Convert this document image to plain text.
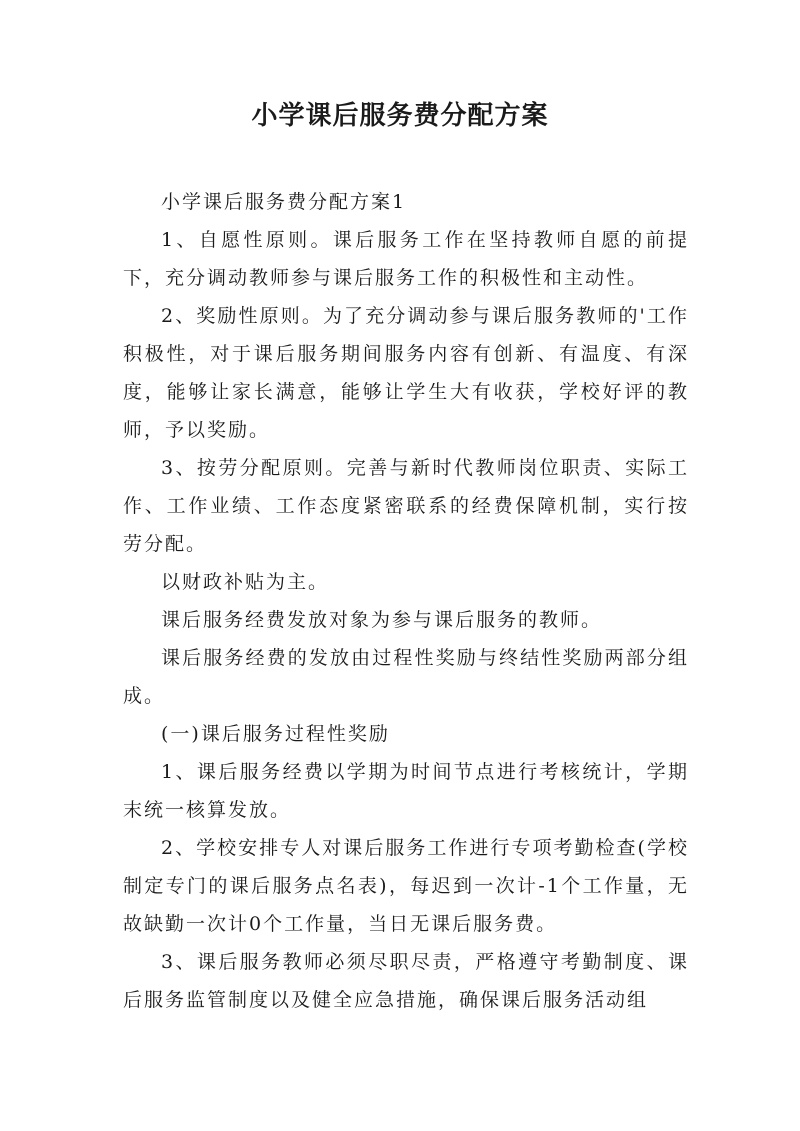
小学课后服务费分配方案

小学课后服务费分配方案1

1、自愿性原则。课后服务工作在坚持教师自愿的前提下，充分调动教师参与课后服务工作的积极性和主动性。

2、奖励性原则。为了充分调动参与课后服务教师的'工作积极性，对于课后服务期间服务内容有创新、有温度、有深度，能够让家长满意，能够让学生大有收获，学校好评的教师，予以奖励。

3、按劳分配原则。完善与新时代教师岗位职责、实际工作、工作业绩、工作态度紧密联系的经费保障机制，实行按劳分配。

以财政补贴为主。

课后服务经费发放对象为参与课后服务的教师。

课后服务经费的发放由过程性奖励与终结性奖励两部分组成。

(一)课后服务过程性奖励

1、课后服务经费以学期为时间节点进行考核统计，学期末统一核算发放。

2、学校安排专人对课后服务工作进行专项考勤检查(学校制定专门的课后服务点名表)，每迟到一次计-1个工作量，无故缺勤一次计0个工作量，当日无课后服务费。

3、课后服务教师必须尽职尽责，严格遵守考勤制度、课后服务监管制度以及健全应急措施，确保课后服务活动组
